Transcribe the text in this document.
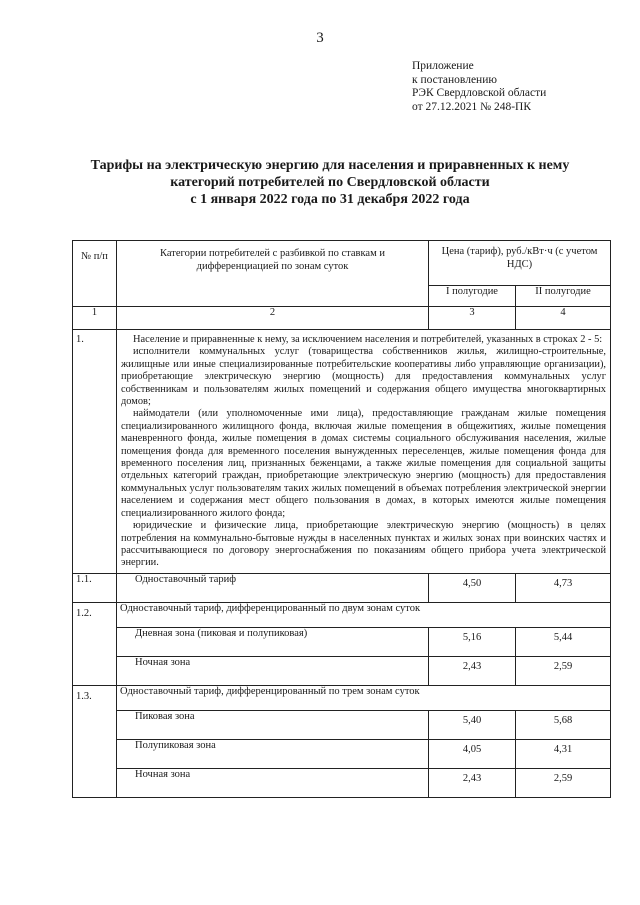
3
Приложение
к постановлению
РЭК Свердловской области
от 27.12.2021 № 248-ПК
Тарифы на электрическую энергию для населения и приравненных к нему
категорий потребителей по Свердловской области
с 1 января 2022 года по 31 декабря 2022 года
№ п/п	Категории потребителей с разбивкой по ставкам и дифференциацией по зонам суток	Цена (тариф), руб./кВт·ч (с учетом НДС)	
		I полугодие	II полугодие
1	2	3	4
1.	Население и приравненные к нему, за исключением населения и потребителей, указанных в строках 2 - 5:

исполнители коммунальных услуг (товарищества собственников жилья, жилищно-строительные, жилищные или иные специализированные потребительские кооперативы либо управляющие организации), приобретающие электрическую энергию (мощность) для предоставления коммунальных услуг собственникам и пользователям жилых помещений и содержания общего имущества многоквартирных домов;

наймодатели (или уполномоченные ими лица), предоставляющие гражданам жилые помещения специализированного жилищного фонда, включая жилые помещения в общежитиях, жилые помещения маневренного фонда, жилые помещения в домах системы социального обслуживания населения, жилые помещения фонда для временного поселения вынужденных переселенцев, жилые помещения фонда для временного поселения лиц, признанных беженцами, а также жилые помещения для социальной защиты отдельных категорий граждан, приобретающие электрическую энергию (мощность) для предоставления коммунальных услуг пользователям таких жилых помещений в объемах потребления электрической энергии населением и содержания мест общего пользования в домах, в которых имеются жилые помещения специализированного жилого фонда;

юридические и физические лица, приобретающие электрическую энергию (мощность) в целях потребления на коммунально-бытовые нужды в населенных пунктах и жилых зонах при воинских частях и рассчитывающиеся по договору энергоснабжения по показаниям общего прибора учета электрической энергии.		

1.1.	Одноставочный тариф	4,50	4,73
1.2.	Одноставочный тариф, дифференцированный по двум зонам суток		
	Дневная зона (пиковая и полупиковая)	5,16	5,44
	Ночная зона	2,43	2,59
1.3.	Одноставочный тариф, дифференцированный по трем зонам суток		
	Пиковая зона	5,40	5,68
	Полупиковая зона	4,05	4,31
	Ночная зона	2,43	2,59
